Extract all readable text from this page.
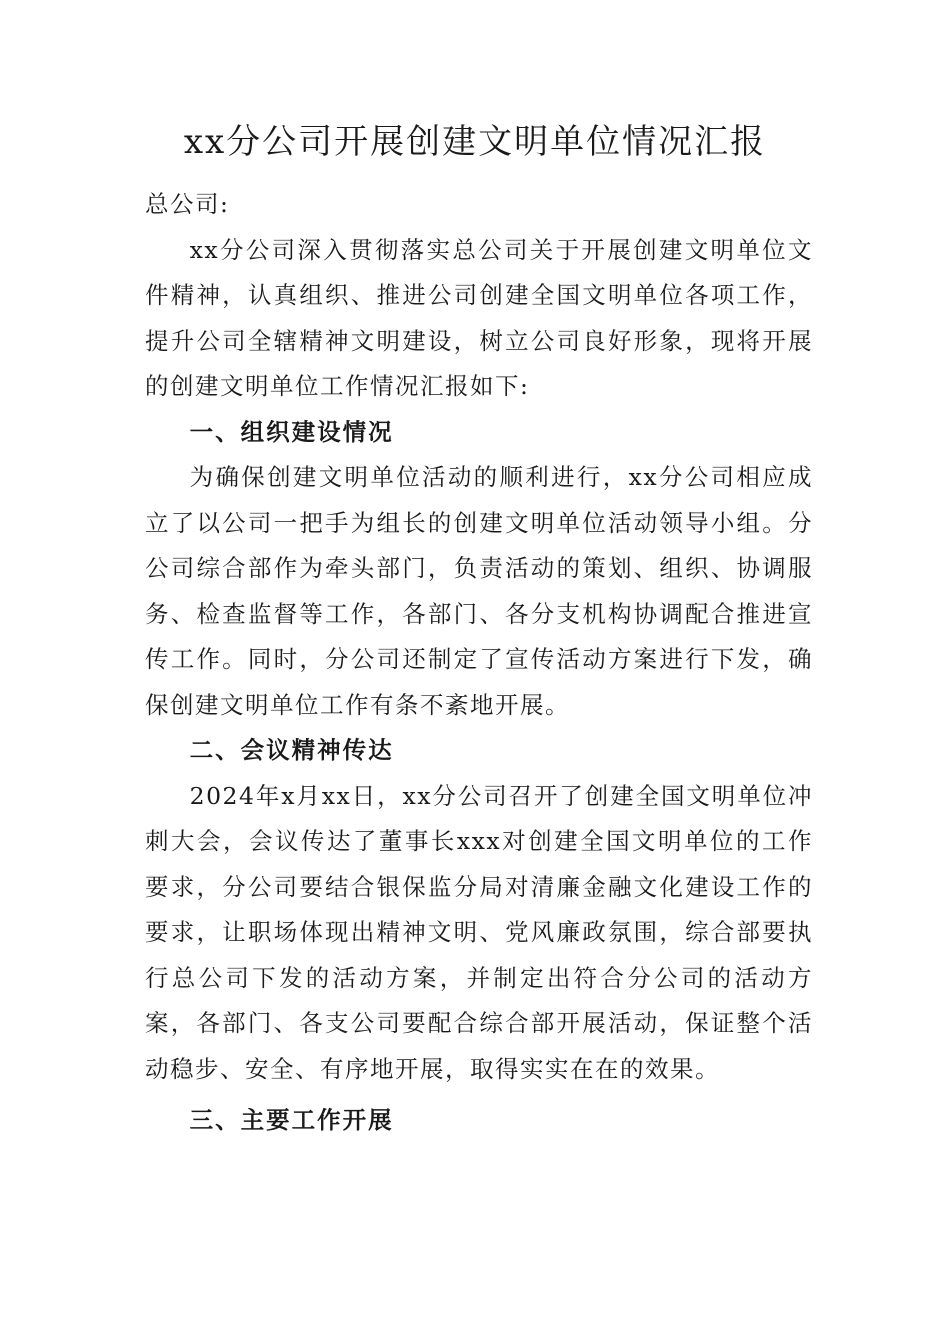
xx分公司开展创建文明单位情况汇报

总公司:

xx分公司深入贯彻落实总公司关于开展创建文明单位文件精神，认真组织、推进公司创建全国文明单位各项工作，提升公司全辖精神文明建设，树立公司良好形象，现将开展的创建文明单位工作情况汇报如下:

一、组织建设情况

为确保创建文明单位活动的顺利进行，xx分公司相应成立了以公司一把手为组长的创建文明单位活动领导小组。分公司综合部作为牵头部门，负责活动的策划、组织、协调服务、检查监督等工作，各部门、各分支机构协调配合推进宣传工作。同时，分公司还制定了宣传活动方案进行下发，确保创建文明单位工作有条不紊地开展。

二、会议精神传达

2024年x月xx日，xx分公司召开了创建全国文明单位冲刺大会，会议传达了董事长xxx对创建全国文明单位的工作要求，分公司要结合银保监分局对清廉金融文化建设工作的要求，让职场体现出精神文明、党风廉政氛围，综合部要执行总公司下发的活动方案，并制定出符合分公司的活动方案，各部门、各支公司要配合综合部开展活动，保证整个活动稳步、安全、有序地开展，取得实实在在的效果。

三、主要工作开展
